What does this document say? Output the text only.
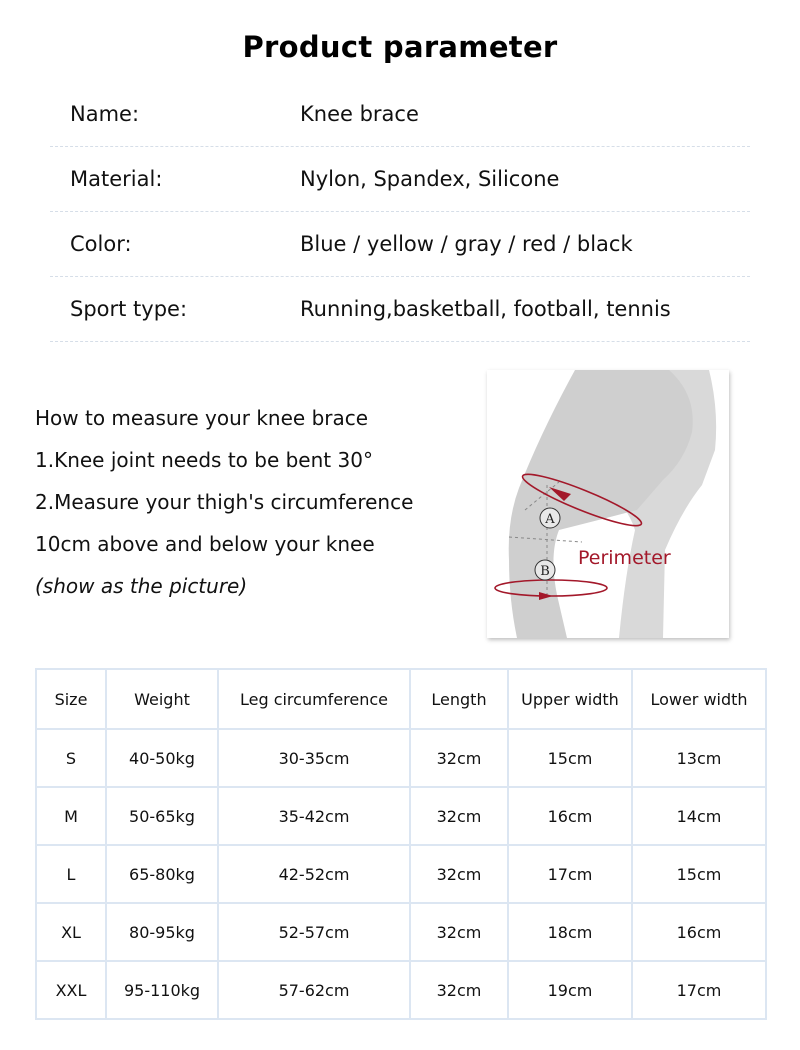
Product parameter
Name:	Knee brace
Material:	Nylon, Spandex, Silicone
Color:	Blue / yellow / gray / red / black
Sport type:	Running,basketball, football, tennis
How to measure your knee brace
1.Knee joint needs to be bent 30°
2.Measure your thigh's circumference
10cm above and below your knee
(show as the picture)
A
B
Perimeter
Size	Weight	Leg circumference	Length	Upper width	Lower width
S	40-50kg	30-35cm	32cm	15cm	13cm
M	50-65kg	35-42cm	32cm	16cm	14cm
L	65-80kg	42-52cm	32cm	17cm	15cm
XL	80-95kg	52-57cm	32cm	18cm	16cm
XXL	95-110kg	57-62cm	32cm	19cm	17cm
